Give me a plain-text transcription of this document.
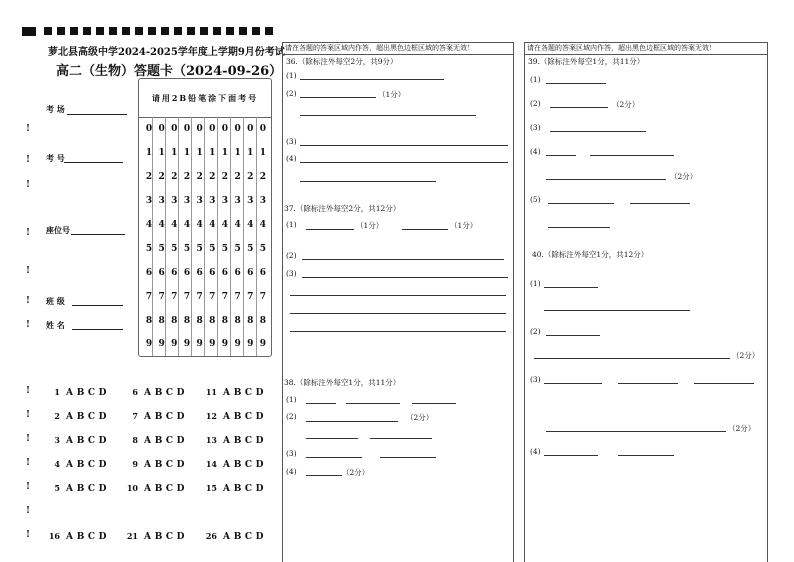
萝北县高级中学2024-2025学年度上学期9月份考试
高二（生物）答题卡（2024-09-26）
考 场
考 号
座位号
班 级
姓 名
!
!
!
!
!
!
!
!
!
!
!
!
!
!
请用2B铅笔涂下面考号
0 0 0 0 0 0 0 0 0 0
1 1 1 1 1 1 1 1 1 1
2 2 2 2 2 2 2 2 2 2
3 3 3 3 3 3 3 3 3 3
4 4 4 4 4 4 4 4 4 4
5 5 5 5 5 5 5 5 5 5
6 6 6 6 6 6 6 6 6 6
7 7 7 7 7 7 7 7 7 7
8 8 8 8 8 8 8 8 8 8
9 9 9 9 9 9 9 9 9 9
1 A B C D	6 A B C D	11 A B C D
2 A B C D	7 A B C D	12 A B C D
3 A B C D	8 A B C D	13 A B C D
4 A B C D	9 A B C D	14 A B C D
5 A B C D	10 A B C D	15 A B C D
16 A B C D	21 A B C D	26 A B C D
请在各题的答案区域内作答，超出黑色边框区域的答案无效！	请在各题的答案区域内作答，超出黑色边框区域的答案无效！
36.（除标注外每空2分，共9分）
(1)
(2)	（1分）
(3)
(4)
37.（除标注外每空2分，共12分）
(1)	（1分）	（1分）
(2)
(3)
38.（除标注外每空1分，共11分）
(1)
(2)	（2分）
(3)
(4)	（2分）
39.（除标注外每空1分，共11分）
(1)
(2)	（2分）
(3)
(4)
（2分）
(5)
40.（除标注外每空1分，共12分）
(1)
(2)
（2分）
(3)
（2分）
(4)
